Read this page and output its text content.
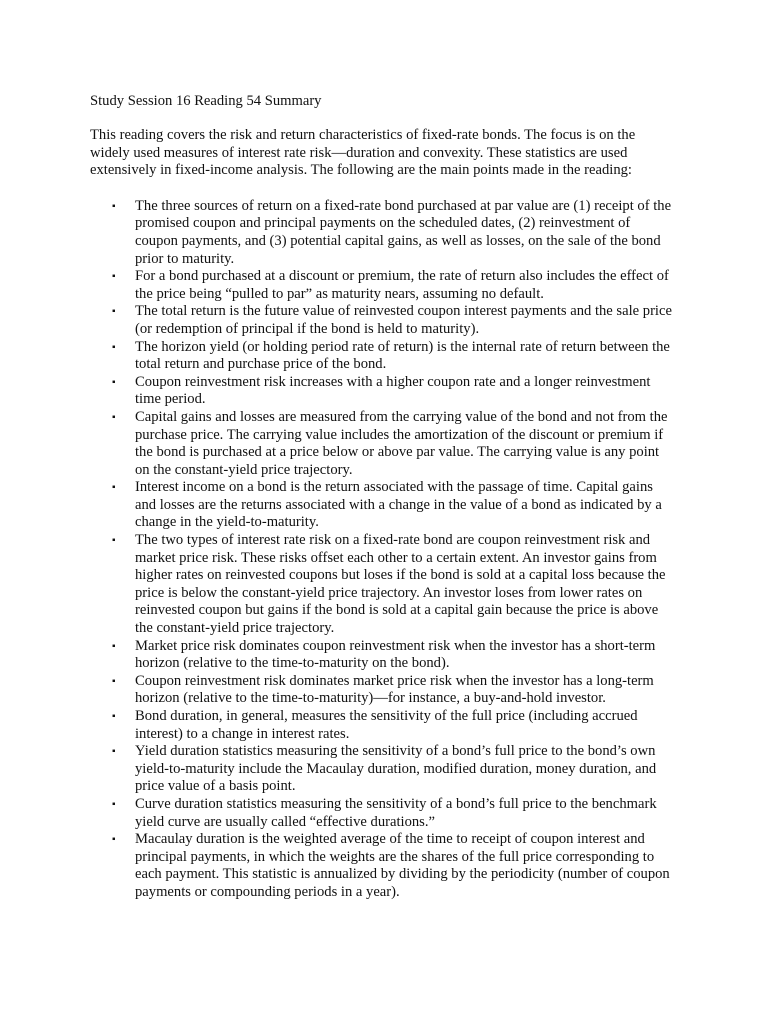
Study Session 16 Reading 54 Summary

This reading covers the risk and return characteristics of fixed-rate bonds. The focus is on the widely used measures of interest rate risk—duration and convexity. These statistics are used extensively in fixed-income analysis. The following are the main points made in the reading:

▪ The three sources of return on a fixed-rate bond purchased at par value are (1) receipt of the promised coupon and principal payments on the scheduled dates, (2) reinvestment of coupon payments, and (3) potential capital gains, as well as losses, on the sale of the bond prior to maturity.
▪ For a bond purchased at a discount or premium, the rate of return also includes the effect of the price being “pulled to par” as maturity nears, assuming no default.
▪ The total return is the future value of reinvested coupon interest payments and the sale price (or redemption of principal if the bond is held to maturity).
▪ The horizon yield (or holding period rate of return) is the internal rate of return between the total return and purchase price of the bond.
▪ Coupon reinvestment risk increases with a higher coupon rate and a longer reinvestment time period.
▪ Capital gains and losses are measured from the carrying value of the bond and not from the purchase price. The carrying value includes the amortization of the discount or premium if the bond is purchased at a price below or above par value. The carrying value is any point on the constant-yield price trajectory.
▪ Interest income on a bond is the return associated with the passage of time. Capital gains and losses are the returns associated with a change in the value of a bond as indicated by a change in the yield-to-maturity.
▪ The two types of interest rate risk on a fixed-rate bond are coupon reinvestment risk and market price risk. These risks offset each other to a certain extent. An investor gains from higher rates on reinvested coupons but loses if the bond is sold at a capital loss because the price is below the constant-yield price trajectory. An investor loses from lower rates on reinvested coupon but gains if the bond is sold at a capital gain because the price is above the constant-yield price trajectory.
▪ Market price risk dominates coupon reinvestment risk when the investor has a short-term horizon (relative to the time-to-maturity on the bond).
▪ Coupon reinvestment risk dominates market price risk when the investor has a long-term horizon (relative to the time-to-maturity)—for instance, a buy-and-hold investor.
▪ Bond duration, in general, measures the sensitivity of the full price (including accrued interest) to a change in interest rates.
▪ Yield duration statistics measuring the sensitivity of a bond’s full price to the bond’s own yield-to-maturity include the Macaulay duration, modified duration, money duration, and price value of a basis point.
▪ Curve duration statistics measuring the sensitivity of a bond’s full price to the benchmark yield curve are usually called “effective durations.”
▪ Macaulay duration is the weighted average of the time to receipt of coupon interest and principal payments, in which the weights are the shares of the full price corresponding to each payment. This statistic is annualized by dividing by the periodicity (number of coupon payments or compounding periods in a year).
